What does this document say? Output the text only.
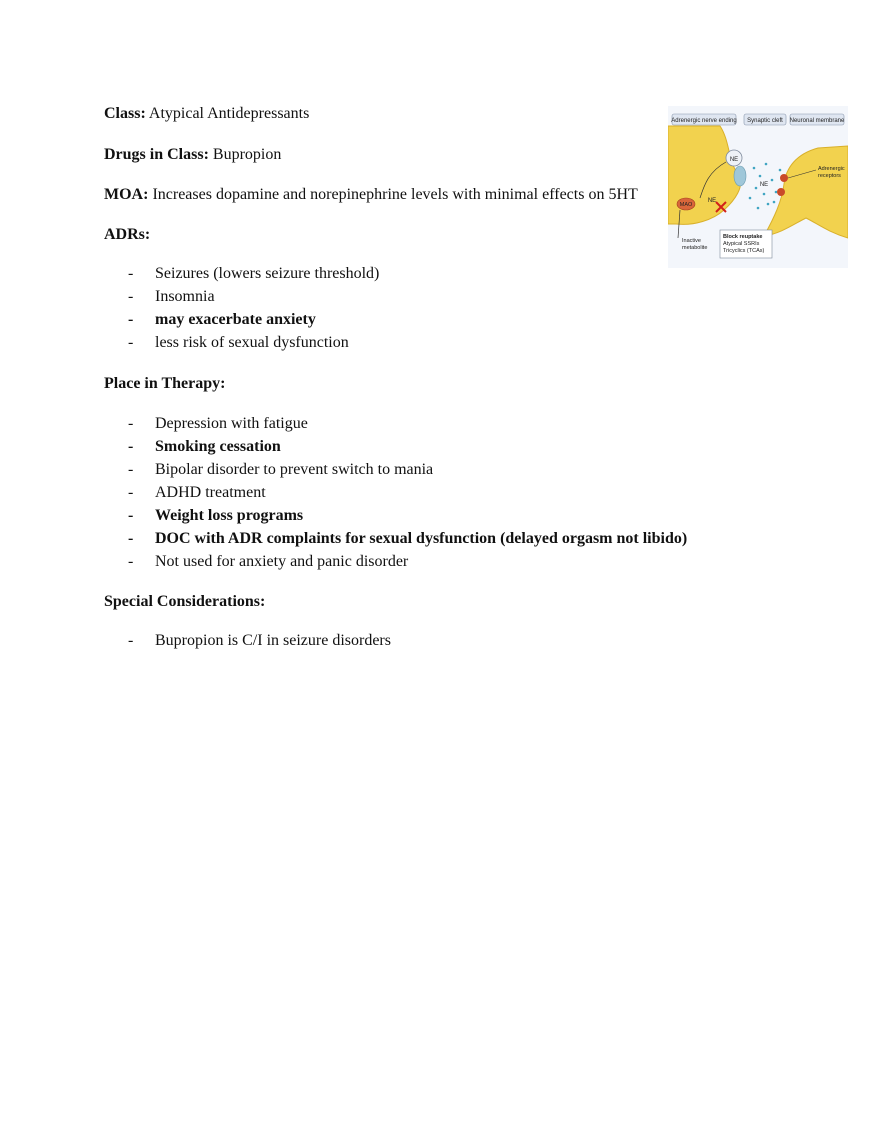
Class: Atypical Antidepressants
Drugs in Class: Bupropion
MOA: Increases dopamine and norepinephrine levels with minimal effects on 5HT
ADRs:
-	Seizures (lowers seizure threshold)
-	Insomnia
-	may exacerbate anxiety
-	less risk of sexual dysfunction
Place in Therapy:
-	Depression with fatigue
-	Smoking cessation
-	Bipolar disorder to prevent switch to mania
-	ADHD treatment
-	Weight loss programs
-	DOC with ADR complaints for sexual dysfunction (delayed orgasm not libido)
-	Not used for anxiety and panic disorder
Special Considerations:
-	Bupropion is C/I in seizure disorders
Adrenergic nerve ending Synaptic cleft Neuronal membrane
NE
MAO
NE
NE
Adrenergic
receptors
Inactive
metabolite
Block reuptake
Atypical SSRIs
Tricyclics (TCAs)
